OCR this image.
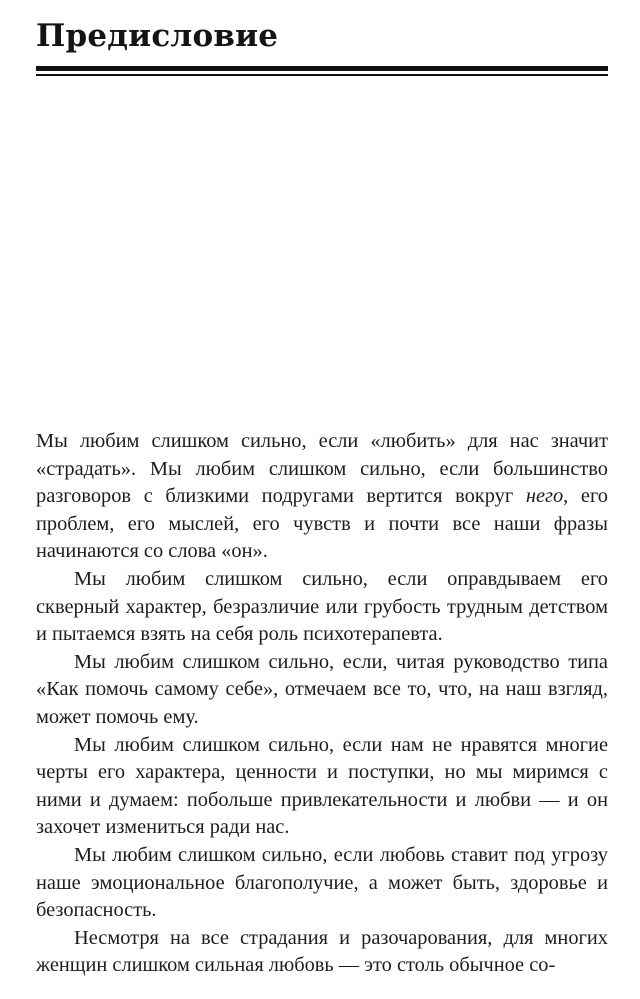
Предисловие

Мы любим слишком сильно, если «любить» для нас значит «страдать». Мы любим слишком сильно, если большинство разговоров с близкими подругами вертится вокруг него, его проблем, его мыслей, его чувств и почти все наши фразы начинаются со слова «он».

Мы любим слишком сильно, если оправдываем его скверный характер, безразличие или грубость трудным детством и пытаемся взять на себя роль психотерапевта.

Мы любим слишком сильно, если, читая руководство типа «Как помочь самому себе», отмечаем все то, что, на наш взгляд, может помочь ему.

Мы любим слишком сильно, если нам не нравятся многие черты его характера, ценности и поступки, но мы миримся с ними и думаем: побольше привлекательности и любви — и он захочет измениться ради нас.

Мы любим слишком сильно, если любовь ставит под угрозу наше эмоциональное благополучие, а может быть, здоровье и безопасность.

Несмотря на все страдания и разочарования, для многих женщин слишком сильная любовь — это столь обычное со-
